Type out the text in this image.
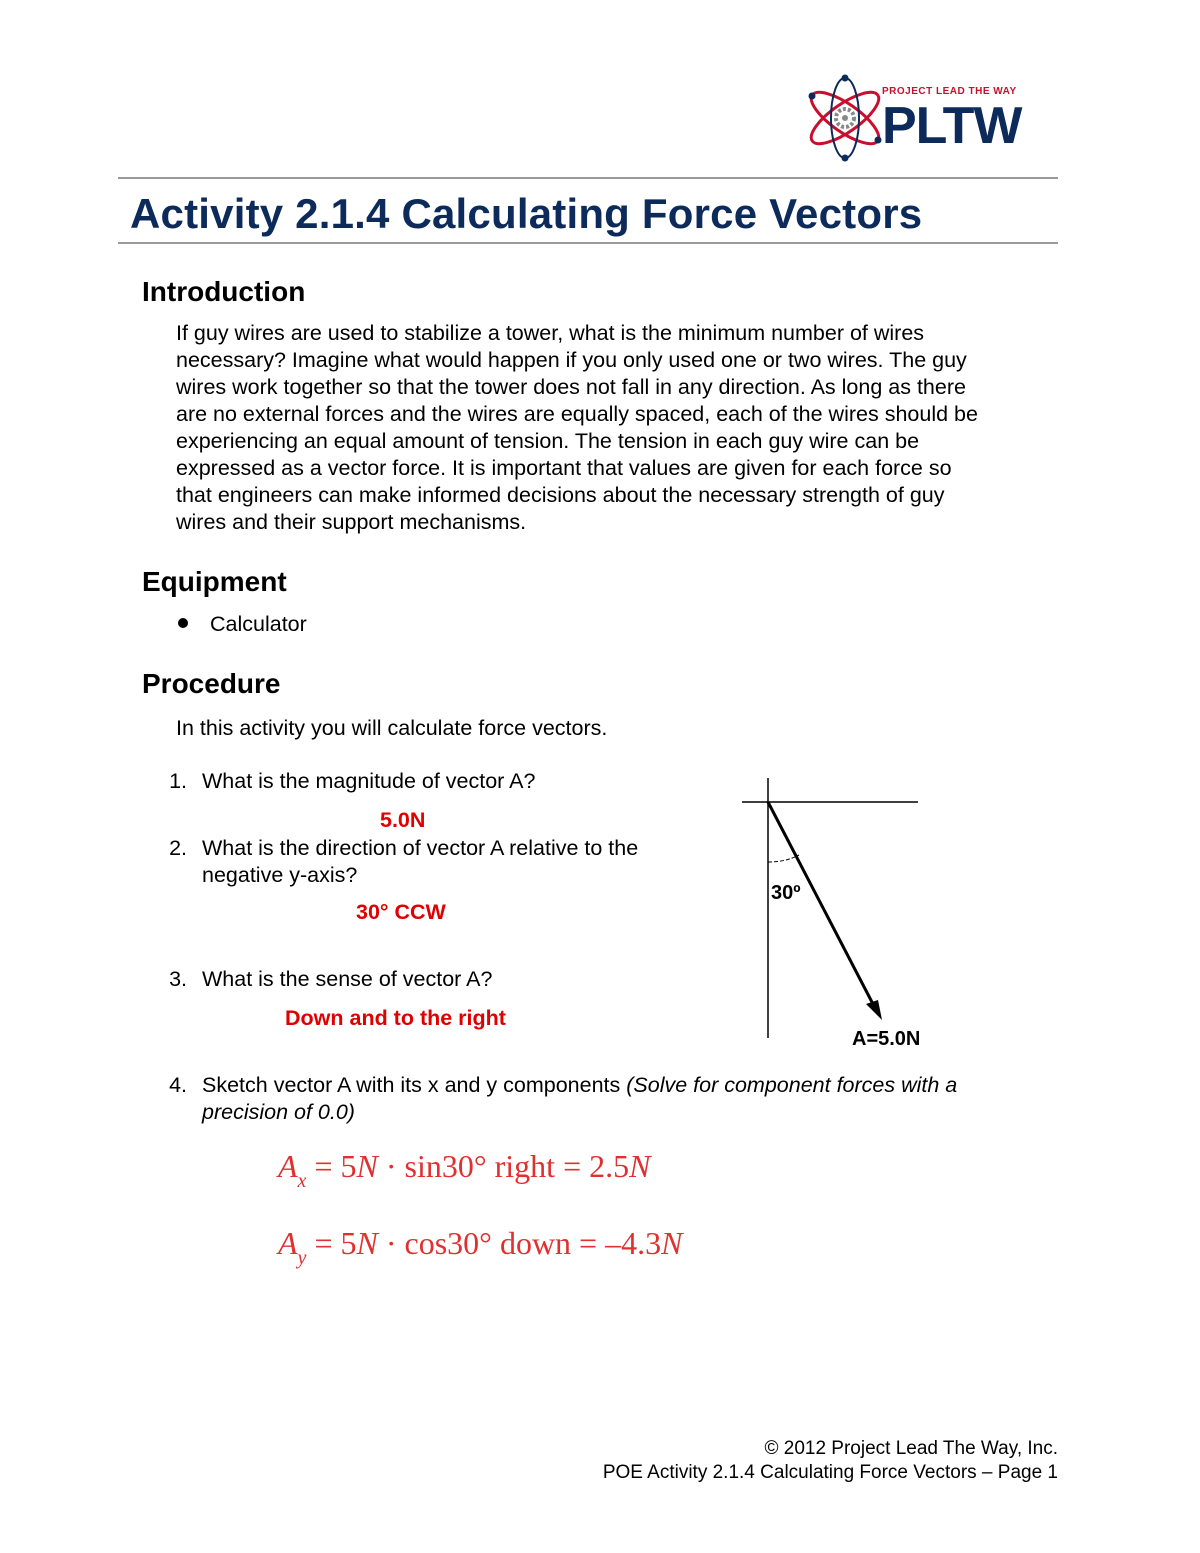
PROJECT LEAD THE WAY
PLTW
Activity 2.1.4 Calculating Force Vectors
Introduction
If guy wires are used to stabilize a tower, what is the minimum number of wires
necessary? Imagine what would happen if you only used one or two wires. The guy
wires work together so that the tower does not fall in any direction. As long as there
are no external forces and the wires are equally spaced, each of the wires should be
experiencing an equal amount of tension. The tension in each guy wire can be
expressed as a vector force. It is important that values are given for each force so
that engineers can make informed decisions about the necessary strength of guy
wires and their support mechanisms.
Equipment
Calculator
Procedure
In this activity you will calculate force vectors.
1. What is the magnitude of vector A?
5.0N
2. What is the direction of vector A relative to the
negative y-axis?
30° CCW
3. What is the sense of vector A?
Down and to the right
30º
A=5.0N
4. Sketch vector A with its x and y components (Solve for component forces with a
precision of 0.0)
$A_x = 5N \cdot \sin 30^\circ$ right = 2.5N
$A_y = 5N \cdot \cos 30^\circ$ down = –4.3N
© 2012 Project Lead The Way, Inc.
POE Activity 2.1.4 Calculating Force Vectors – Page 1
